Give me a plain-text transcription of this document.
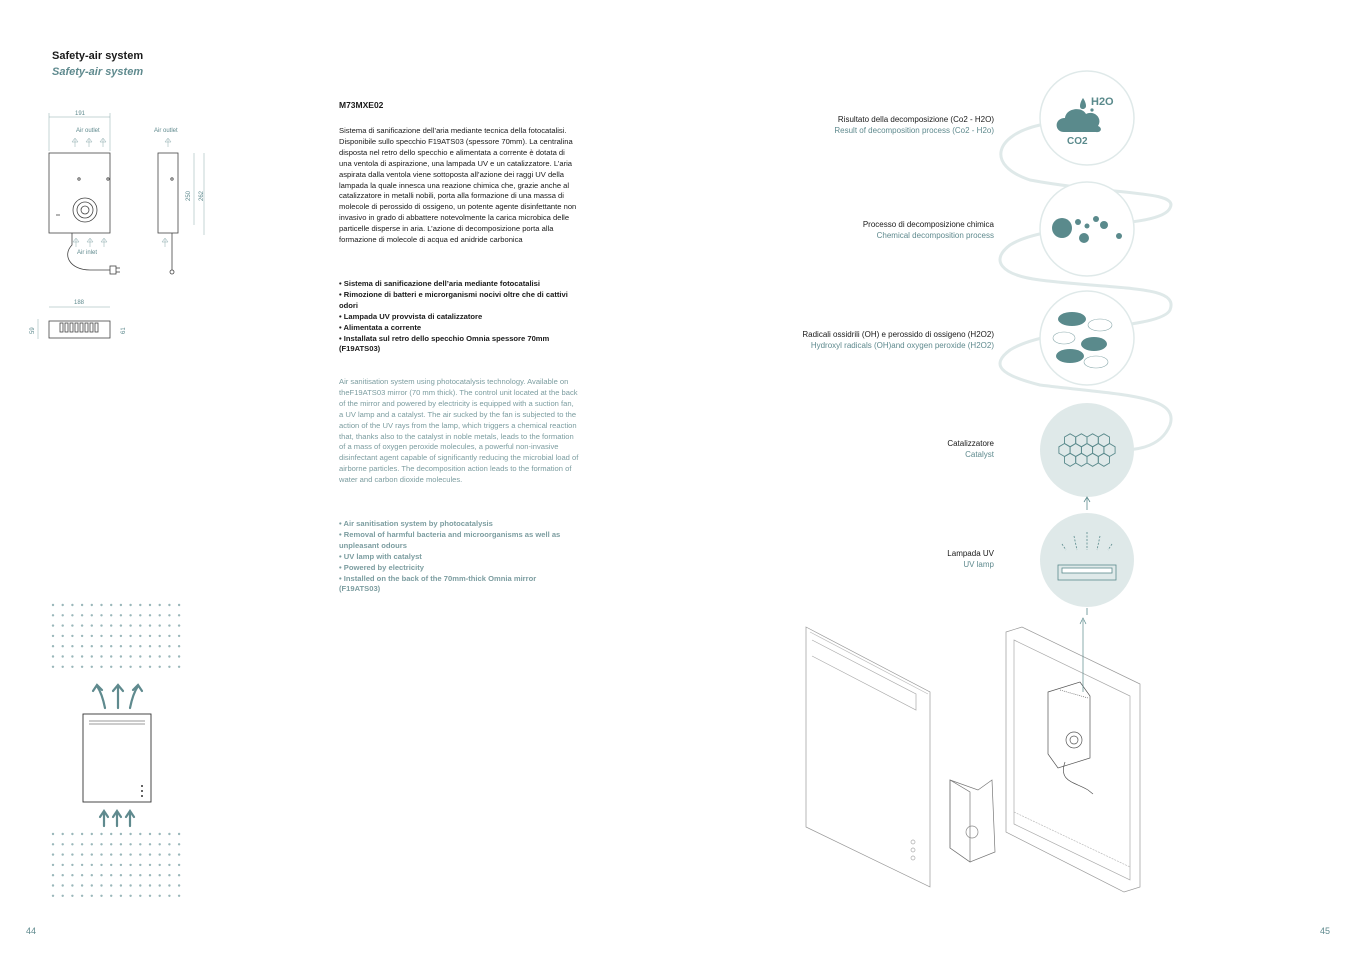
Safety-air system
Safety-air system
191
Air outlet	Air outlet
Air inlet
250 262
188
59	61
M73MXE02
Sistema di sanificazione dell’aria mediante tecnica della fotocatalisi. Disponibile sullo specchio F19ATS03 (spessore 70mm). La centralina disposta nel retro dello specchio e alimentata a corrente è dotata di una ventola di aspirazione, una lampada UV e un catalizzatore. L’aria aspirata dalla ventola viene sottoposta all’azione dei raggi UV della lampada la quale innesca una reazione chimica che, grazie anche al catalizzatore in metalli nobili, porta alla formazione di una massa di molecole di perossido di ossigeno, un potente agente disinfettante non invasivo in grado di abbattere notevolmente la carica microbica delle particelle disperse in aria. L’azione di decomposizione porta alla formazione di molecole di acqua ed anidride carbonica
• Sistema di sanificazione dell’aria mediante fotocatalisi
• Rimozione di batteri e microrganismi nocivi oltre che di cattivi odori
• Lampada UV provvista di catalizzatore
• Alimentata a corrente
• Installata sul retro dello specchio Omnia spessore 70mm (F19ATS03)
Air sanitisation system using photocatalysis technology. Available on theF19ATS03 mirror (70 mm thick). The control unit located at the back of the mirror and powered by electricity is equipped with a suction fan, a UV lamp and a catalyst. The air sucked by the fan is subjected to the action of the UV rays from the lamp, which triggers a chemical reaction that, thanks also to the catalyst in noble metals, leads to the formation of a mass of oxygen peroxide molecules, a powerful non-invasive disinfectant agent capable of significantly reducing the microbial load of airborne particles. The decomposition action leads to the formation of water and carbon dioxide molecules.
• Air sanitisation system by photocatalysis
• Removal of harmful bacteria and microorganisms as well as unpleasant odours
• UV lamp with catalyst
• Powered by electricity
• Installed on the back of the 70mm-thick Omnia mirror (F19ATS03)
H2O
CO2
Risultato della decomposizione (Co2 - H2O)
Result of decomposition process (Co2 - H2o)
Processo di decomposizione chimica
Chemical decomposition process
Radicali ossidrili (OH) e perossido di ossigeno (H2O2)
Hydroxyl radicals (OH)and oxygen peroxide (H2O2)
Catalizzatore
Catalyst
Lampada UV
UV lamp
44	45
